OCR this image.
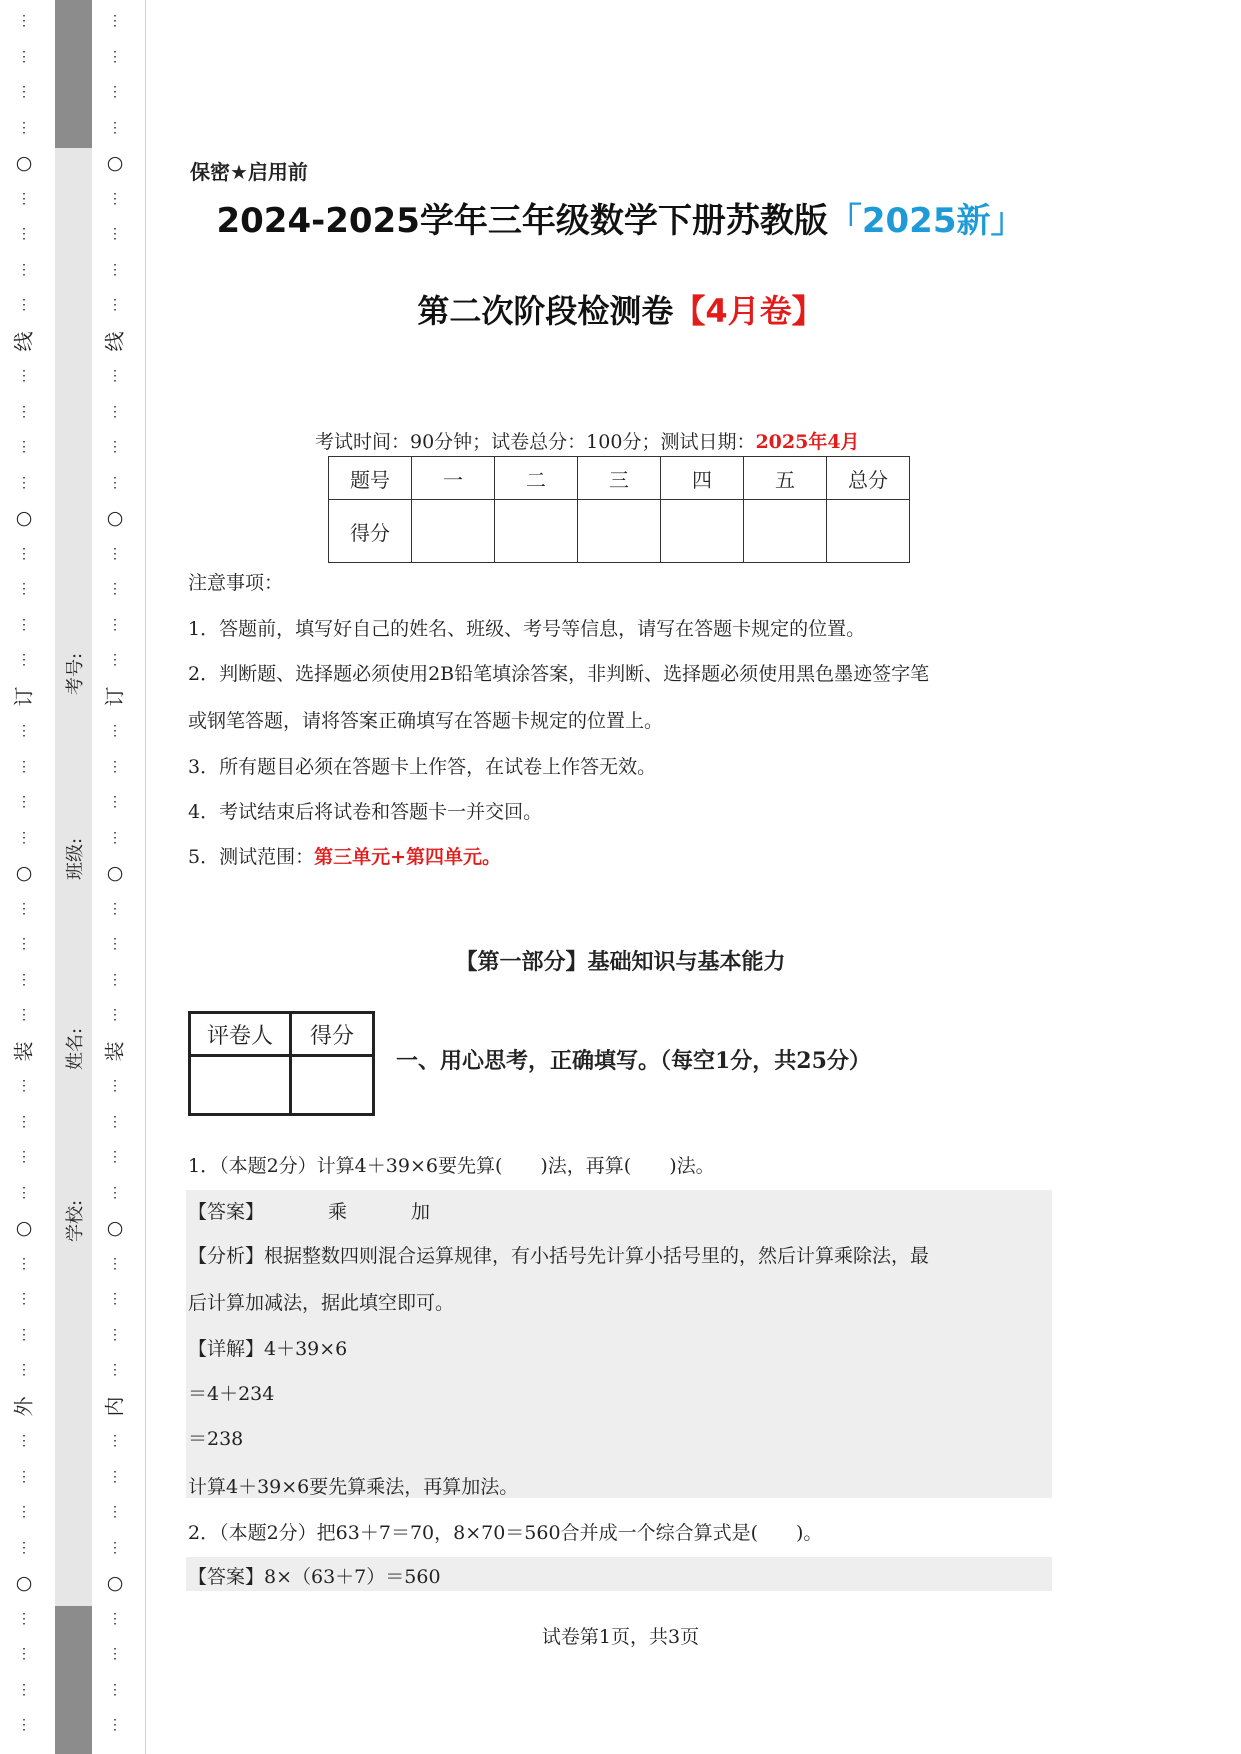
⋮
⋮
⋮
⋮
○
⋮
⋮
⋮
⋮
线
⋮
⋮
⋮
⋮
○
⋮
⋮
⋮
⋮
订
⋮
⋮
⋮
⋮
○
⋮
⋮
⋮
⋮
装
⋮
⋮
⋮
⋮
○
⋮
⋮
⋮
⋮
外
⋮
⋮
⋮
⋮
○
⋮
⋮
⋮
⋮
⋮
⋮
⋮
⋮
○
⋮
⋮
⋮
⋮
线
⋮
⋮
⋮
⋮
○
⋮
⋮
⋮
⋮
订
⋮
⋮
⋮
⋮
○
⋮
⋮
⋮
⋮
装
⋮
⋮
⋮
⋮
○
⋮
⋮
⋮
⋮
内
⋮
⋮
⋮
⋮
○
⋮
⋮
⋮
⋮
考号:
班级:
姓名:
学校:
保密★启用前
2024-2025学年三年级数学下册苏教版「2025新」
第二次阶段检测卷【4月卷】
考试时间：90分钟；试卷总分：100分；测试日期：2025年4月
题号	一	二	三	四	五	总分
得分						
注意事项：
1．答题前，填写好自己的姓名、班级、考号等信息，请写在答题卡规定的位置。
2．判断题、选择题必须使用2B铅笔填涂答案，非判断、选择题必须使用黑色墨迹签字笔
或钢笔答题，请将答案正确填写在答题卡规定的位置上。
3．所有题目必须在答题卡上作答，在试卷上作答无效。
4．考试结束后将试卷和答题卡一并交回。
5．测试范围：第三单元+第四单元。
【第一部分】基础知识与基本能力
评卷人	得分

一、用心思考，正确填写。（每空1分，共25分）
1．（本题2分）计算4＋39×6要先算(　　)法，再算(　　)法。
【答案】	乘	加
【分析】根据整数四则混合运算规律，有小括号先计算小括号里的，然后计算乘除法，最
后计算加减法，据此填空即可。
【详解】4＋39×6
＝4＋234
＝238
计算4＋39×6要先算乘法，再算加法。
2．（本题2分）把63＋7＝70，8×70＝560合并成一个综合算式是(　　)。
【答案】8×（63＋7）＝560
试卷第1页，共3页
